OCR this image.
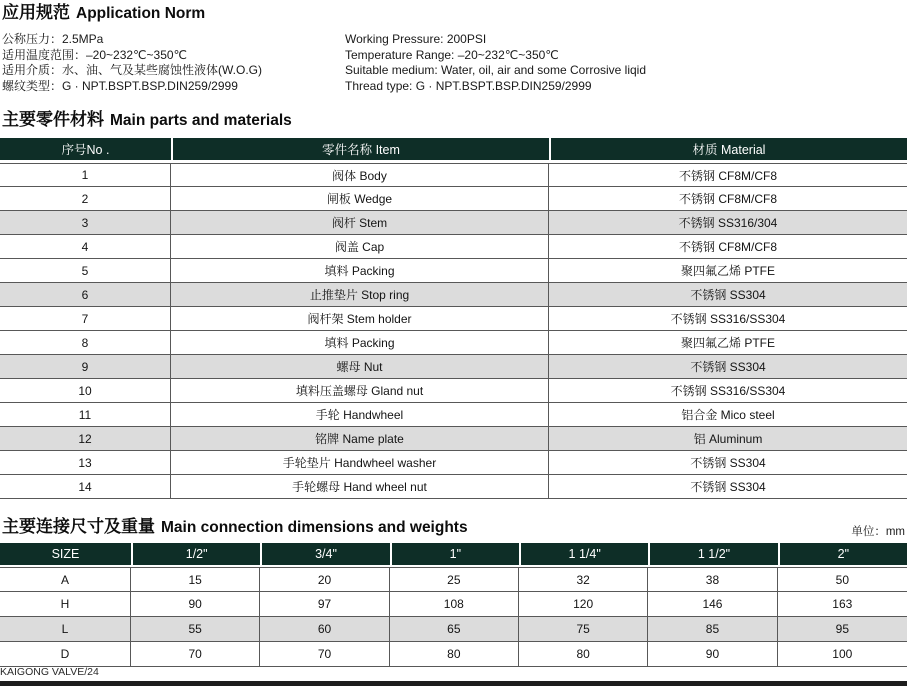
应用规范 Application Norm
公称压力：2.5MPa
适用温度范围：–20~232℃~350℃
适用介质：水、油、气及某些腐蚀性液体(W.O.G)
螺纹类型：G · NPT.BSPT.BSP.DIN259/2999
Working Pressure: 200PSI
Temperature Range: –20~232℃~350℃
Suitable medium: Water, oil, air and some Corrosive liqid
Thread type: G · NPT.BSPT.BSP.DIN259/2999
主要零件材料 Main parts and materials
序号No .	零件名称 Item	材质 Material
1	阀体 Body	不锈钢 CF8M/CF8
2	闸板 Wedge	不锈钢 CF8M/CF8
3	阀杆 Stem	不锈钢 SS316/304
4	阀盖 Cap	不锈钢 CF8M/CF8
5	填料 Packing	聚四氟乙烯 PTFE
6	止推垫片 Stop ring	不锈钢 SS304
7	阀杆架 Stem holder	不锈钢 SS316/SS304
8	填料 Packing	聚四氟乙烯 PTFE
9	螺母 Nut	不锈钢 SS304
10	填料压盖螺母 Gland nut	不锈钢 SS316/SS304
11	手轮 Handwheel	铝合金 Mico steel
12	铭牌 Name plate	铝 Aluminum
13	手轮垫片 Handwheel washer	不锈钢 SS304
14	手轮螺母 Hand wheel nut	不锈钢 SS304
主要连接尺寸及重量 Main connection dimensions and weights	单位：mm
SIZE	1/2"	3/4"	1"	1 1/4"	1 1/2"	2"
A	15	20	25	32	38	50
H	90	97	108	120	146	163
L	55	60	65	75	85	95
D	70	70	80	80	90	100
KAIGONG VALVE/24
